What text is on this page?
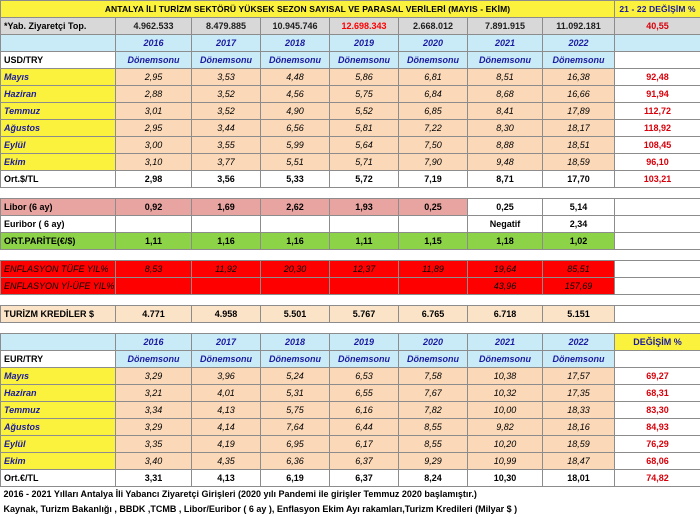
ANTALYA İLİ TURİZM SEKTÖRÜ YÜKSEK SEZON SAYISAL VE PARASAL VERİLERİ (MAYIS - EKİM)								21 - 22 DEĞİŞİM %
*Yab. Ziyaretçi Top.	4.962.533	8.479.885	10.945.746	12.698.343	2.668.012	7.891.915	11.092.181	40,55
	2016	2017	2018	2019	2020	2021	2022	
USD/TRY	Dönemsonu	Dönemsonu	Dönemsonu	Dönemsonu	Dönemsonu	Dönemsonu	Dönemsonu	
Mayıs	2,95	3,53	4,48	5,86	6,81	8,51	16,38	92,48
Haziran	2,88	3,52	4,56	5,75	6,84	8,68	16,66	91,94
Temmuz	3,01	3,52	4,90	5,52	6,85	8,41	17,89	112,72
Ağustos	2,95	3,44	6,56	5,81	7,22	8,30	18,17	118,92
Eylül	3,00	3,55	5,99	5,64	7,50	8,88	18,51	108,45
Ekim	3,10	3,77	5,51	5,71	7,90	9,48	18,59	96,10
Ort.$/TL	2,98	3,56	5,33	5,72	7,19	8,71	17,70	103,21

Libor (6 ay)	0,92	1,69	2,62	1,93	0,25	0,25	5,14	
Euribor ( 6 ay)						Negatif	2,34	
ORT.PARİTE(€/$)	1,11	1,16	1,16	1,11	1,15	1,18	1,02	

ENFLASYON TÜFE YIL%	8,53	11,92	20,30	12,37	11,89	19,64	85,51	
ENFLASYON Yİ-ÜFE YIL%						43,96	157,69	

TURİZM KREDİLER $	4.771	4.958	5.501	5.767	6.765	6.718	5.151	

	2016	2017	2018	2019	2020	2021	2022	DEĞİŞİM %
EUR/TRY	Dönemsonu	Dönemsonu	Dönemsonu	Dönemsonu	Dönemsonu	Dönemsonu	Dönemsonu	
Mayıs	3,29	3,96	5,24	6,53	7,58	10,38	17,57	69,27
Haziran	3,21	4,01	5,31	6,55	7,67	10,32	17,35	68,31
Temmuz	3,34	4,13	5,75	6,16	7,82	10,00	18,33	83,30
Ağustos	3,29	4,14	7,64	6,44	8,55	9,82	18,16	84,93
Eylül	3,35	4,19	6,95	6,17	8,55	10,20	18,59	76,29
Ekim	3,40	4,35	6,36	6,37	9,29	10,99	18,47	68,06
Ort.€/TL	3,31	4,13	6,19	6,37	8,24	10,30	18,01	74,82
2016 - 2021 Yılları Antalya İli Yabancı Ziyaretçi Girişleri (2020 yılı Pandemi ile girişler Temmuz 2020 başlamıştır.)								
Kaynak, Turizm Bakanlığı , BBDK ,TCMB , Libor/Euribor ( 6 ay ), Enflasyon Ekim Ayı rakamları,Turizm Kredileri (Milyar $ )								
